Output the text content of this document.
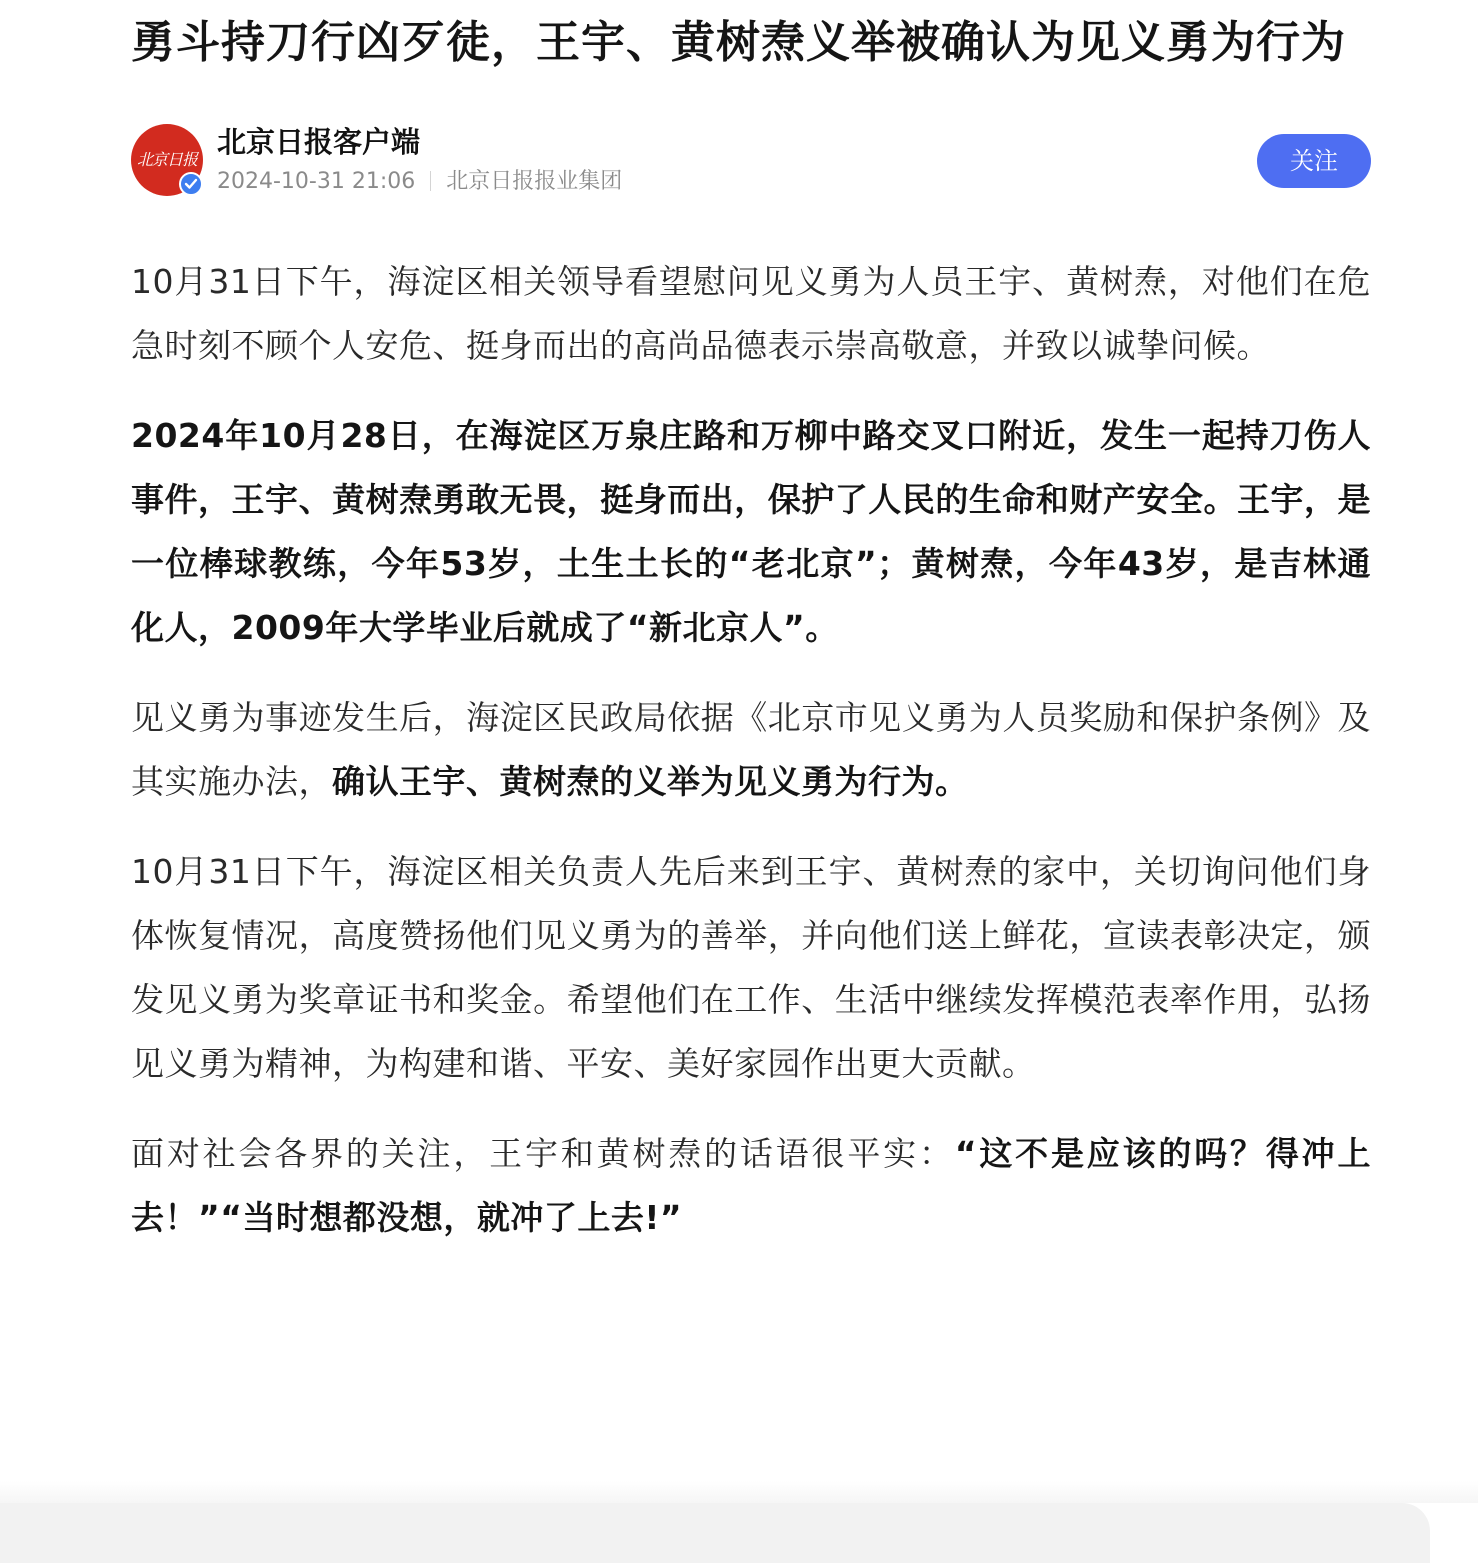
勇斗持刀行凶歹徒，王宇、黄树焘义举被确认为见义勇为行为
北京日报
北京日报客户端
2024-10-31 21:06 北京日报报业集团
关注

10月31日下午，海淀区相关领导看望慰问见义勇为人员王宇、黄树焘，对他们在危急时刻不顾个人安危、挺身而出的高尚品德表示崇高敬意，并致以诚挚问候。

2024年10月28日，在海淀区万泉庄路和万柳中路交叉口附近，发生一起持刀伤人事件，王宇、黄树焘勇敢无畏，挺身而出，保护了人民的生命和财产安全。王宇，是一位棒球教练，今年53岁，土生土长的“老北京”；黄树焘，今年43岁，是吉林通化人，2009年大学毕业后就成了“新北京人”。

见义勇为事迹发生后，海淀区民政局依据《北京市见义勇为人员奖励和保护条例》及其实施办法，确认王宇、黄树焘的义举为见义勇为行为。

10月31日下午，海淀区相关负责人先后来到王宇、黄树焘的家中，关切询问他们身体恢复情况，高度赞扬他们见义勇为的善举，并向他们送上鲜花，宣读表彰决定，颁发见义勇为奖章证书和奖金。希望他们在工作、生活中继续发挥模范表率作用，弘扬见义勇为精神，为构建和谐、平安、美好家园作出更大贡献。

面对社会各界的关注，王宇和黄树焘的话语很平实：“这不是应该的吗？得冲上去！”“当时想都没想，就冲了上去!”
